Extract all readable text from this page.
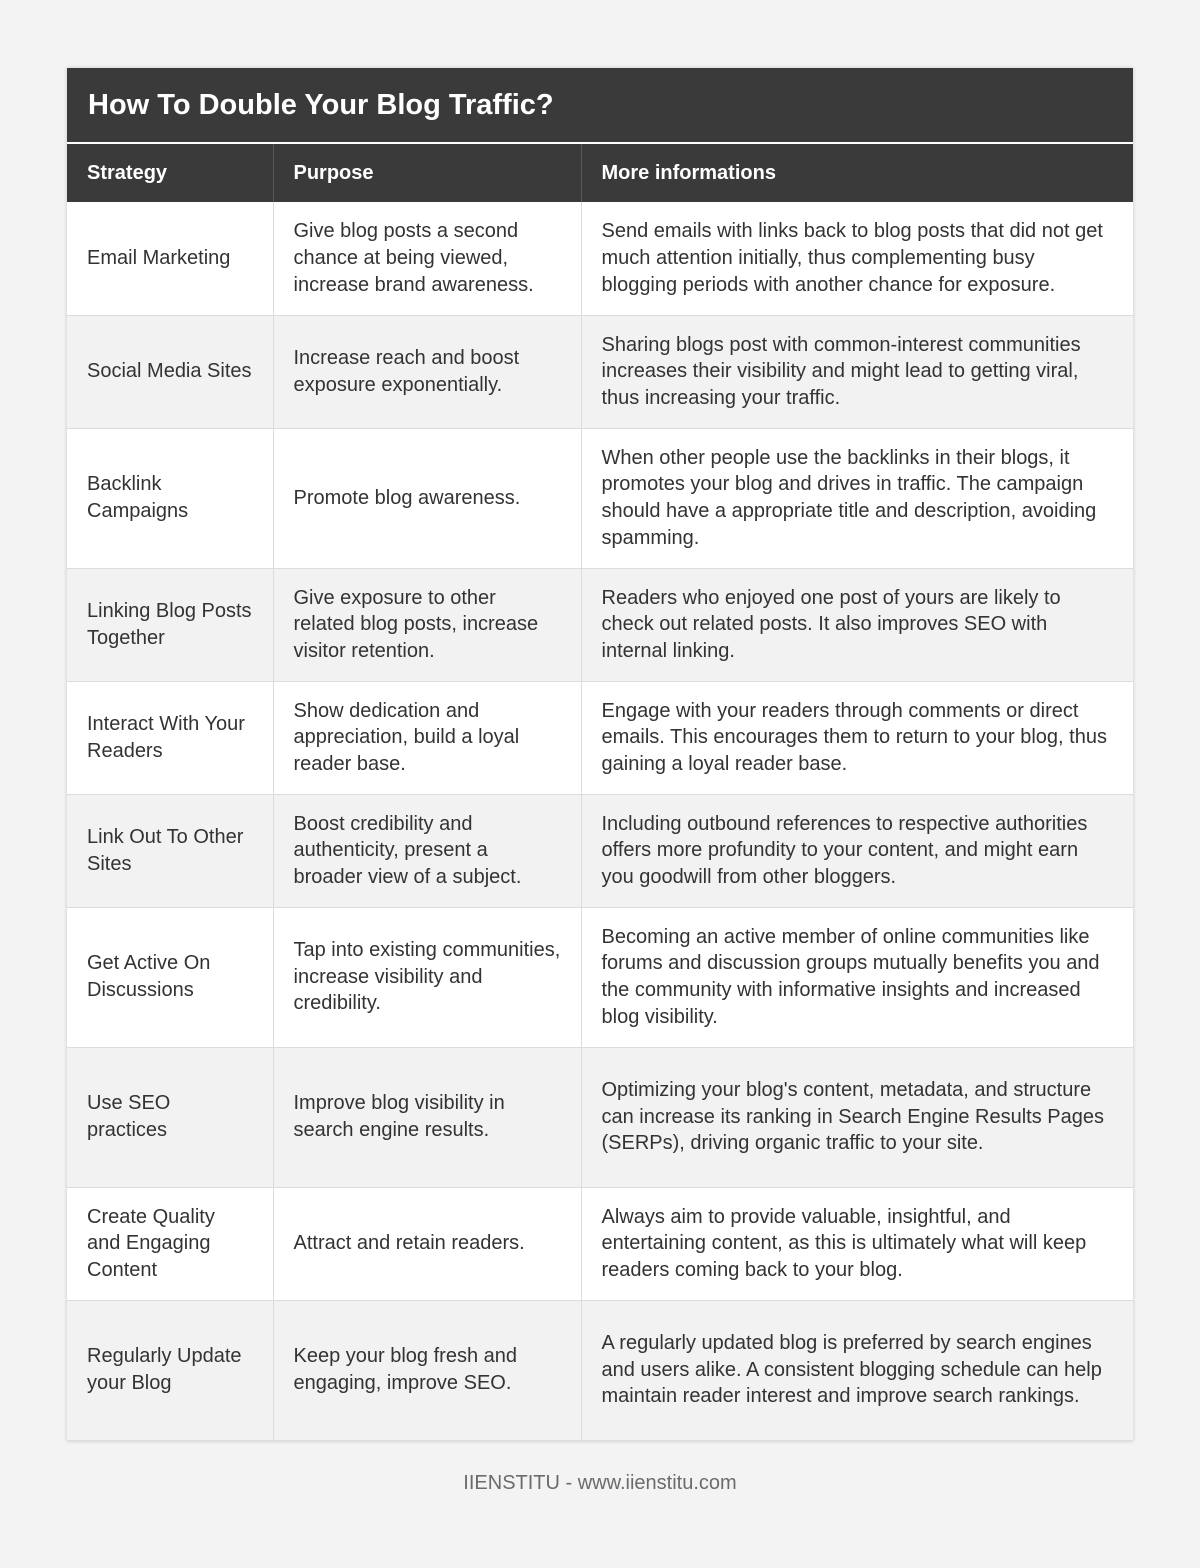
How To Double Your Blog Traffic?
Strategy	Purpose	More informations
Email Marketing	Give blog posts a second chance at being viewed, increase brand awareness.	Send emails with links back to blog posts that did not get much attention initially, thus complementing busy blogging periods with another chance for exposure.
Social Media Sites	Increase reach and boost exposure exponentially.	Sharing blogs post with common-interest communities increases their visibility and might lead to getting viral, thus increasing your traffic.
Backlink Campaigns	Promote blog awareness.	When other people use the backlinks in their blogs, it promotes your blog and drives in traffic. The campaign should have a appropriate title and description, avoiding spamming.
Linking Blog Posts Together	Give exposure to other related blog posts, increase visitor retention.	Readers who enjoyed one post of yours are likely to check out related posts. It also improves SEO with internal linking.
Interact With Your Readers	Show dedication and appreciation, build a loyal reader base.	Engage with your readers through comments or direct emails. This encourages them to return to your blog, thus gaining a loyal reader base.
Link Out To Other Sites	Boost credibility and authenticity, present a broader view of a subject.	Including outbound references to respective authorities offers more profundity to your content, and might earn you goodwill from other bloggers.
Get Active On Discussions	Tap into existing communities, increase visibility and credibility.	Becoming an active member of online communities like forums and discussion groups mutually benefits you and the community with informative insights and increased blog visibility.
Use SEO practices	Improve blog visibility in search engine results.	Optimizing your blog's content, metadata, and structure can increase its ranking in Search Engine Results Pages (SERPs), driving organic traffic to your site.
Create Quality and Engaging Content	Attract and retain readers.	Always aim to provide valuable, insightful, and entertaining content, as this is ultimately what will keep readers coming back to your blog.
Regularly Update your Blog	Keep your blog fresh and engaging, improve SEO.	A regularly updated blog is preferred by search engines and users alike. A consistent blogging schedule can help maintain reader interest and improve search rankings.
IIENSTITU - www.iienstitu.com
